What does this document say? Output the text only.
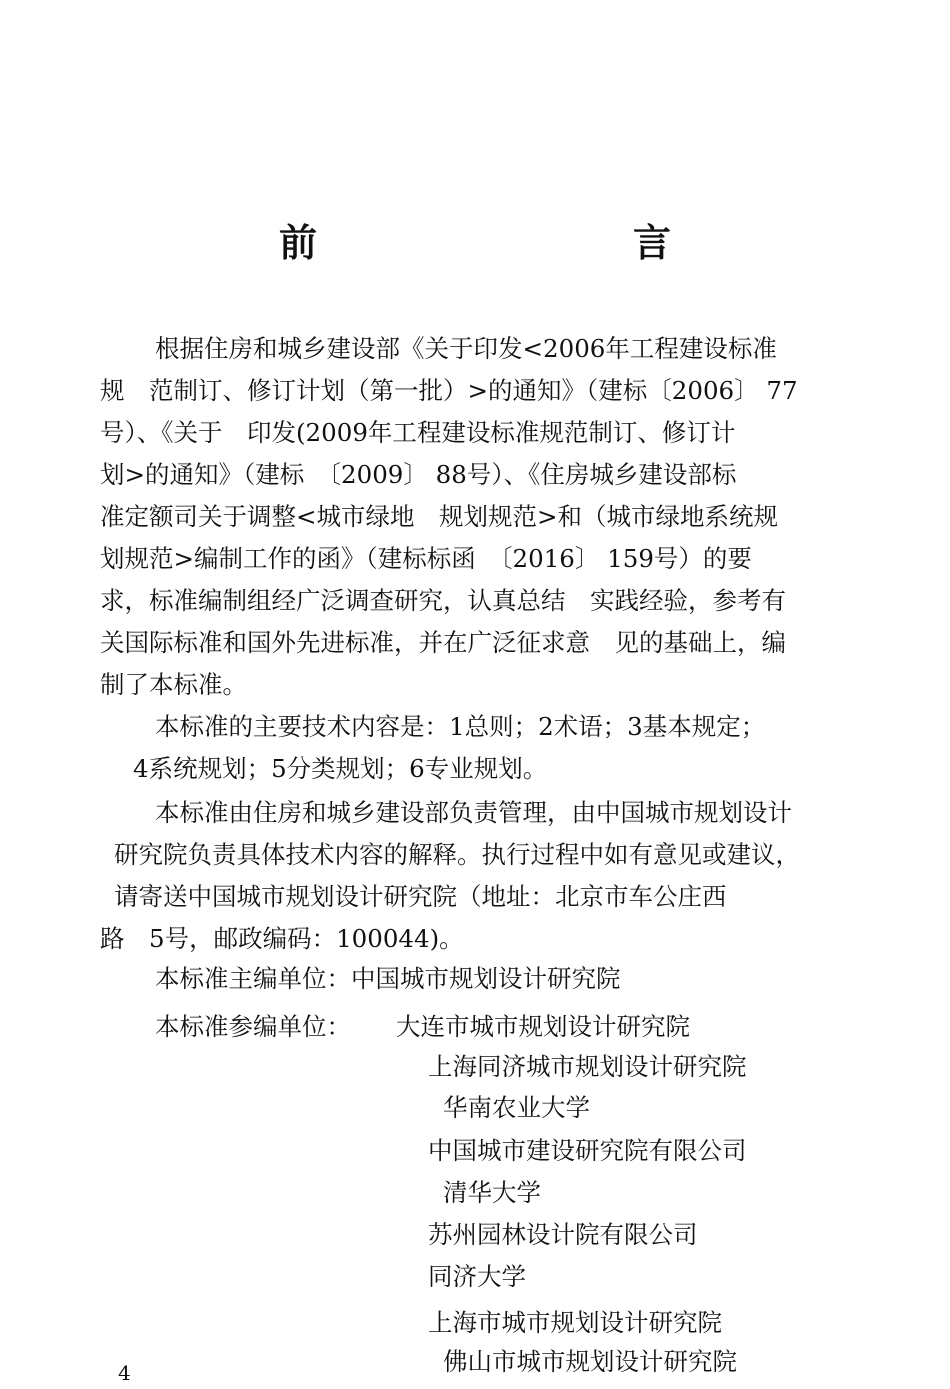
前　　言
根据住房和城乡建设部《关于印发<2006年工程建设标准
规　范制订、修订计划（第一批）>的通知》（建标〔2006〕 77
号）、《关于　印发(2009年工程建设标准规范制订、修订计
划>的通知》（建标　〔2009〕 88号）、《住房城乡建设部标
准定额司关于调整<城市绿地　规划规范>和（城市绿地系统规
划规范>编制工作的函》（建标标函　〔2016〕 159号）的要
求，标准编制组经广泛调查研究，认真总结　实践经验，参考有
关国际标准和国外先进标准，并在广泛征求意　见的基础上，编
制了本标准。
本标准的主要技术内容是：1总则；2术语；3基本规定；
4系统规划；5分类规划；6专业规划。
本标准由住房和城乡建设部负责管理，由中国城市规划设计
研究院负责具体技术内容的解释。执行过程中如有意见或建议，
请寄送中国城市规划设计研究院（地址：北京市车公庄西
路　5号，邮政编码：100044)。
本标准主编单位：中国城市规划设计研究院
本标准参编单位： 大连市城市规划设计研究院
上海同济城市规划设计研究院
华南农业大学
中国城市建设研究院有限公司
清华大学
苏州园林设计院有限公司
同济大学
上海市城市规划设计研究院
佛山市城市规划设计研究院
4
